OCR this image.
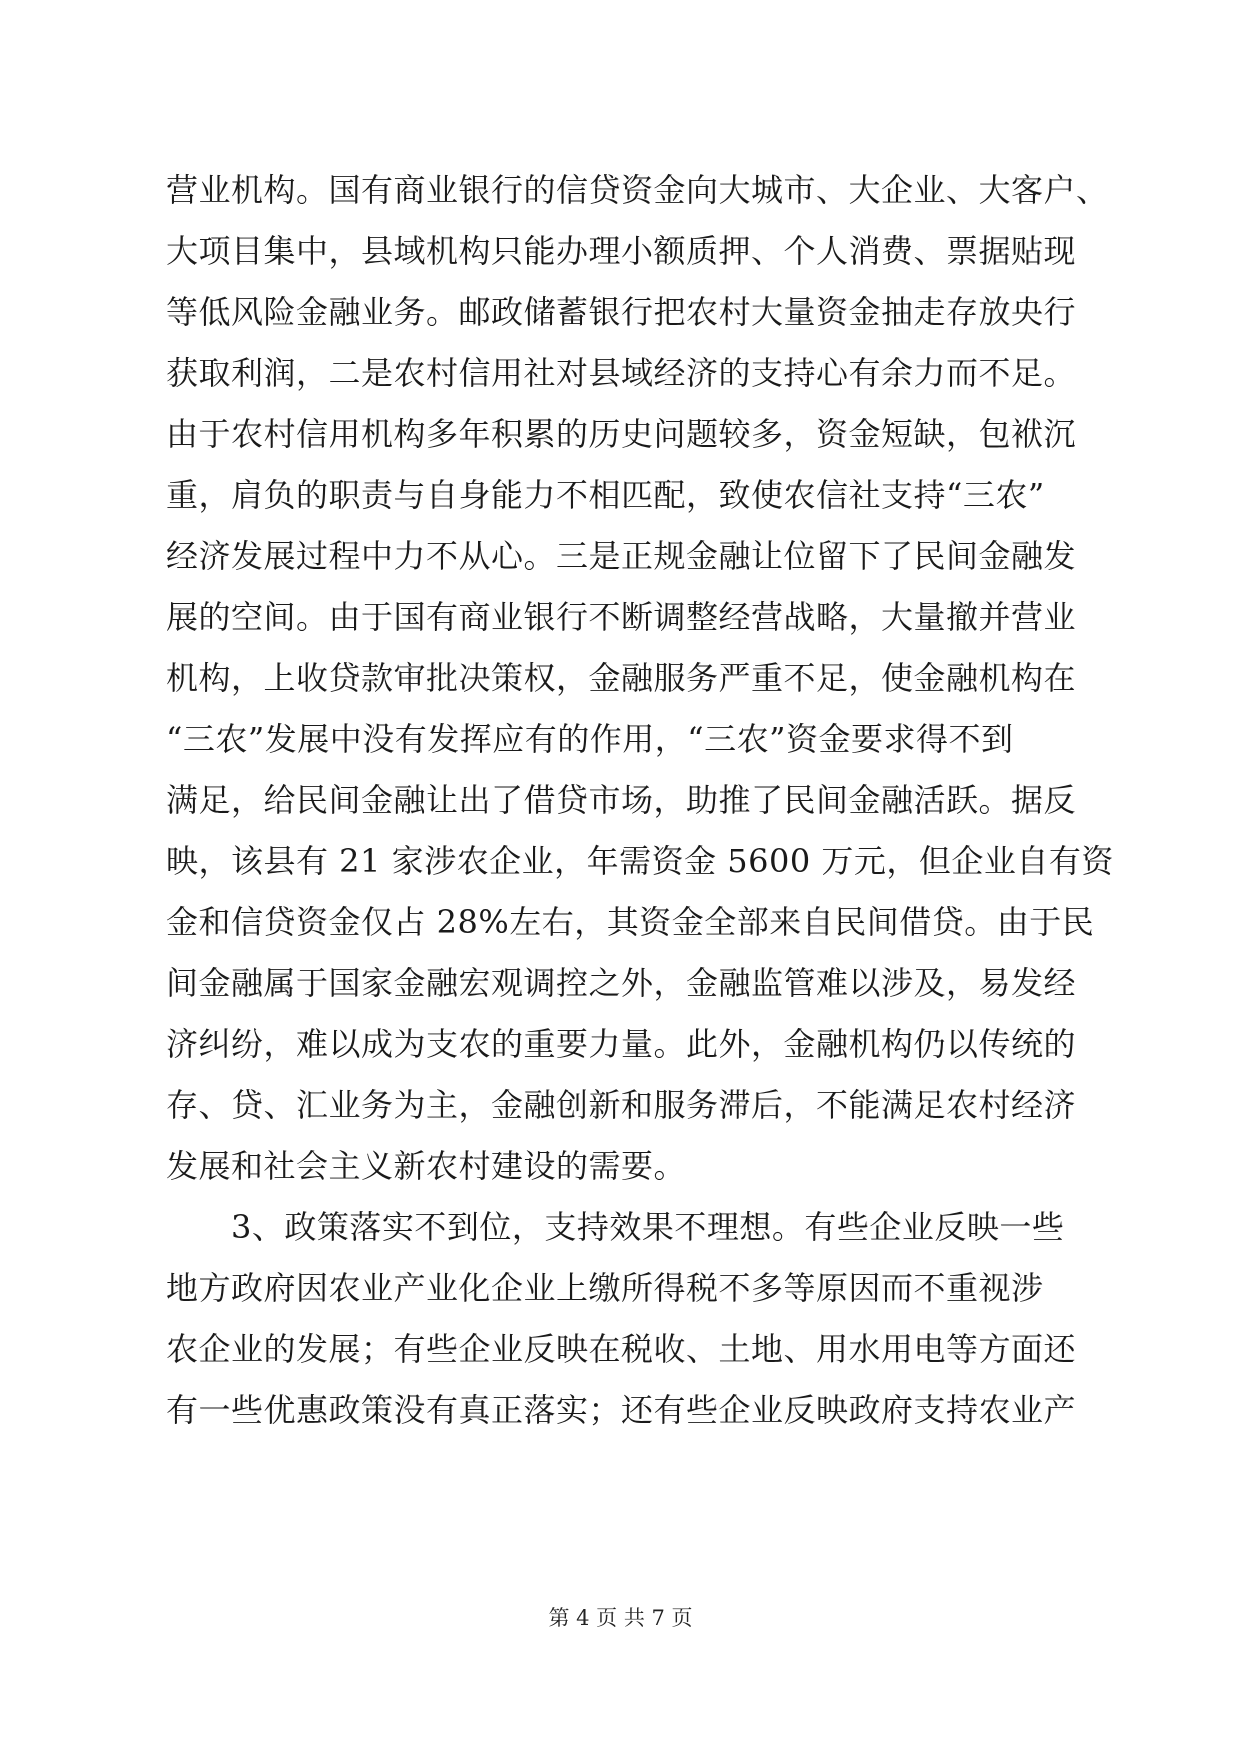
营业机构。国有商业银行的信贷资金向大城市、大企业、大客户、
大项目集中，县域机构只能办理小额质押、个人消费、票据贴现
等低风险金融业务。邮政储蓄银行把农村大量资金抽走存放央行
获取利润，二是农村信用社对县域经济的支持心有余力而不足。
由于农村信用机构多年积累的历史问题较多，资金短缺，包袱沉
重，肩负的职责与自身能力不相匹配，致使农信社支持“三农”
经济发展过程中力不从心。三是正规金融让位留下了民间金融发
展的空间。由于国有商业银行不断调整经营战略，大量撤并营业
机构，上收贷款审批决策权，金融服务严重不足，使金融机构在
“三农”发展中没有发挥应有的作用，“三农”资金要求得不到
满足，给民间金融让出了借贷市场，助推了民间金融活跃。据反
映，该县有 21 家涉农企业，年需资金 5600 万元，但企业自有资
金和信贷资金仅占 28%左右，其资金全部来自民间借贷。由于民
间金融属于国家金融宏观调控之外，金融监管难以涉及，易发经
济纠纷，难以成为支农的重要力量。此外，金融机构仍以传统的
存、贷、汇业务为主，金融创新和服务滞后，不能满足农村经济
发展和社会主义新农村建设的需要。
　　3、政策落实不到位，支持效果不理想。有些企业反映一些
地方政府因农业产业化企业上缴所得税不多等原因而不重视涉
农企业的发展；有些企业反映在税收、土地、用水用电等方面还
有一些优惠政策没有真正落实；还有些企业反映政府支持农业产
第 4 页 共 7 页
